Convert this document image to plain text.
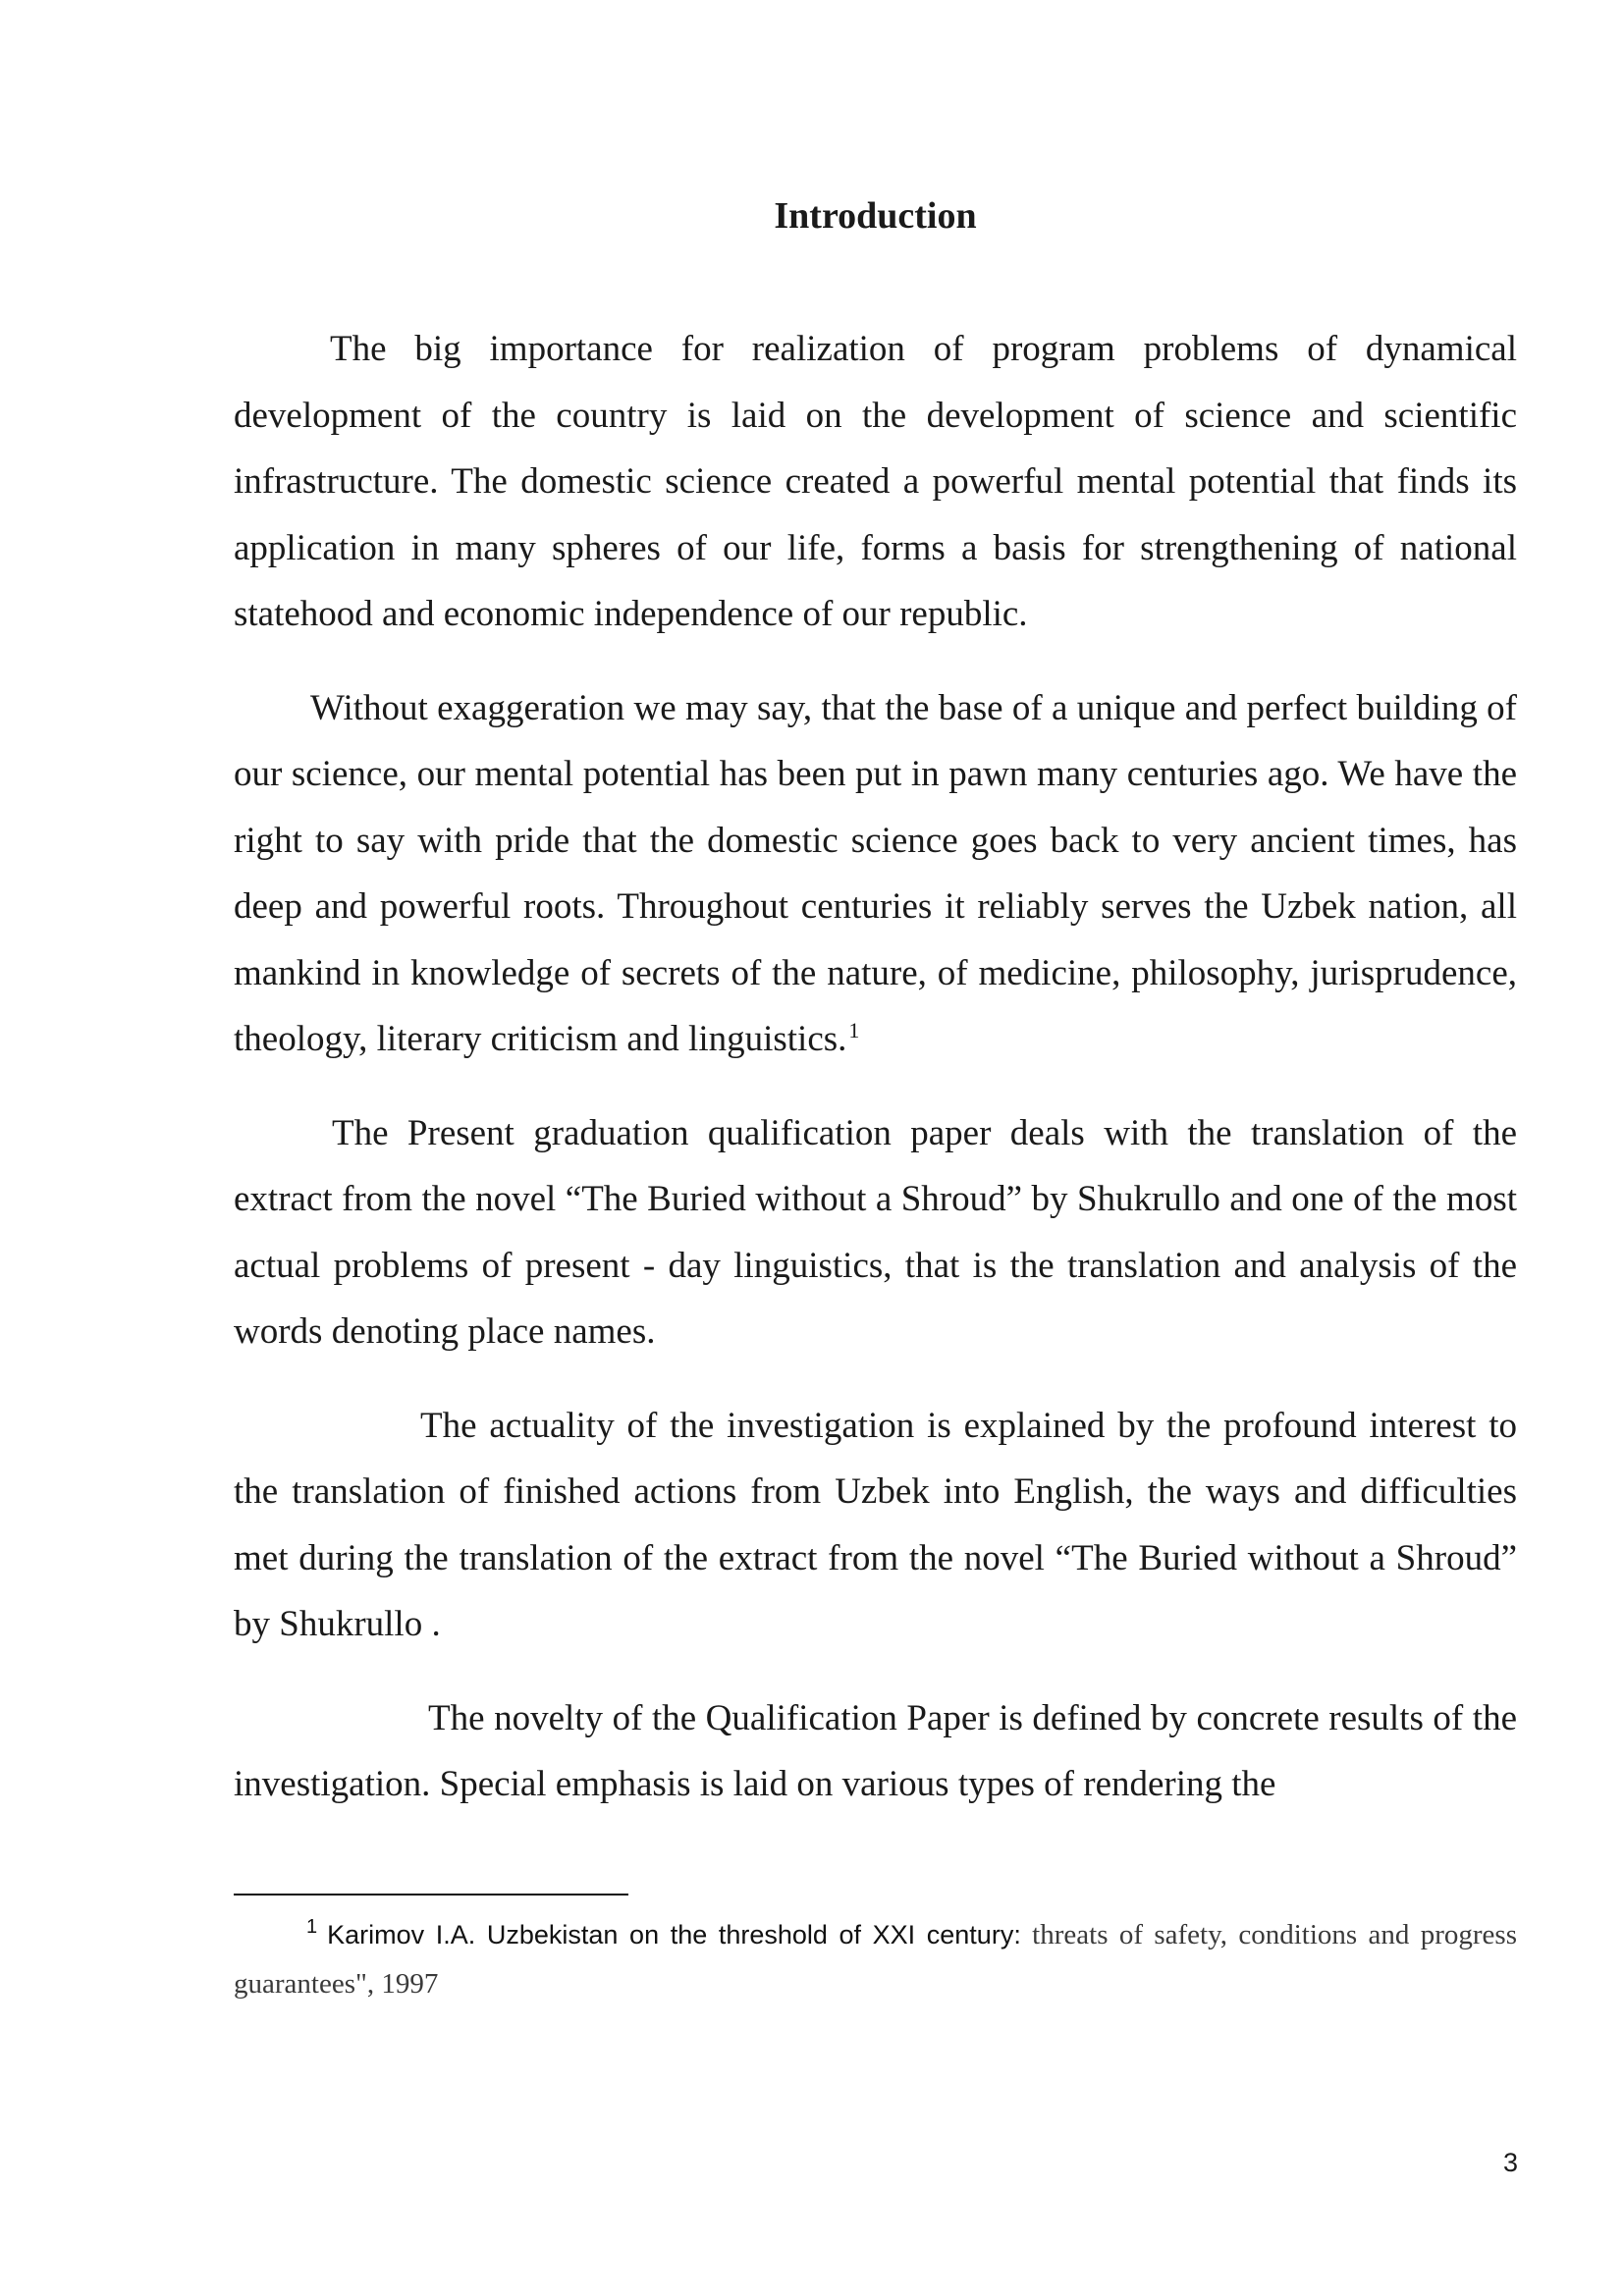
Introduction

The big importance for realization of program problems of dynamical development of the country is laid on the development of science and scientific infrastructure. The domestic science created a powerful mental potential that finds its application in many spheres of our life, forms a basis for strengthening of national statehood and economic independence of our republic.

Without exaggeration we may say, that the base of a unique and perfect building of our science, our mental potential has been put in pawn many centuries ago. We have the right to say with pride that the domestic science goes back to very ancient times, has deep and powerful roots. Throughout centuries it reliably serves the Uzbek nation, all mankind in knowledge of secrets of the nature, of medicine, philosophy, jurisprudence, theology, literary criticism and linguistics.$^1$

The Present graduation qualification paper deals with the translation of the extract from the novel “The Buried without a Shroud” by Shukrullo and one of the most actual problems of present - day linguistics, that is the translation and analysis of the words denoting place names.

The actuality of the investigation is explained by the profound interest to the translation of finished actions from Uzbek into English, the ways and difficulties met during the translation of the extract from the novel “The Buried without a Shroud” by Shukrullo .

The novelty of the Qualification Paper is defined by concrete results of the investigation. Special emphasis is laid on various types of rendering the

$^1$ Karimov I.A. Uzbekistan on the threshold of XXI century: threats of safety, conditions and progress guarantees", 1997
3
